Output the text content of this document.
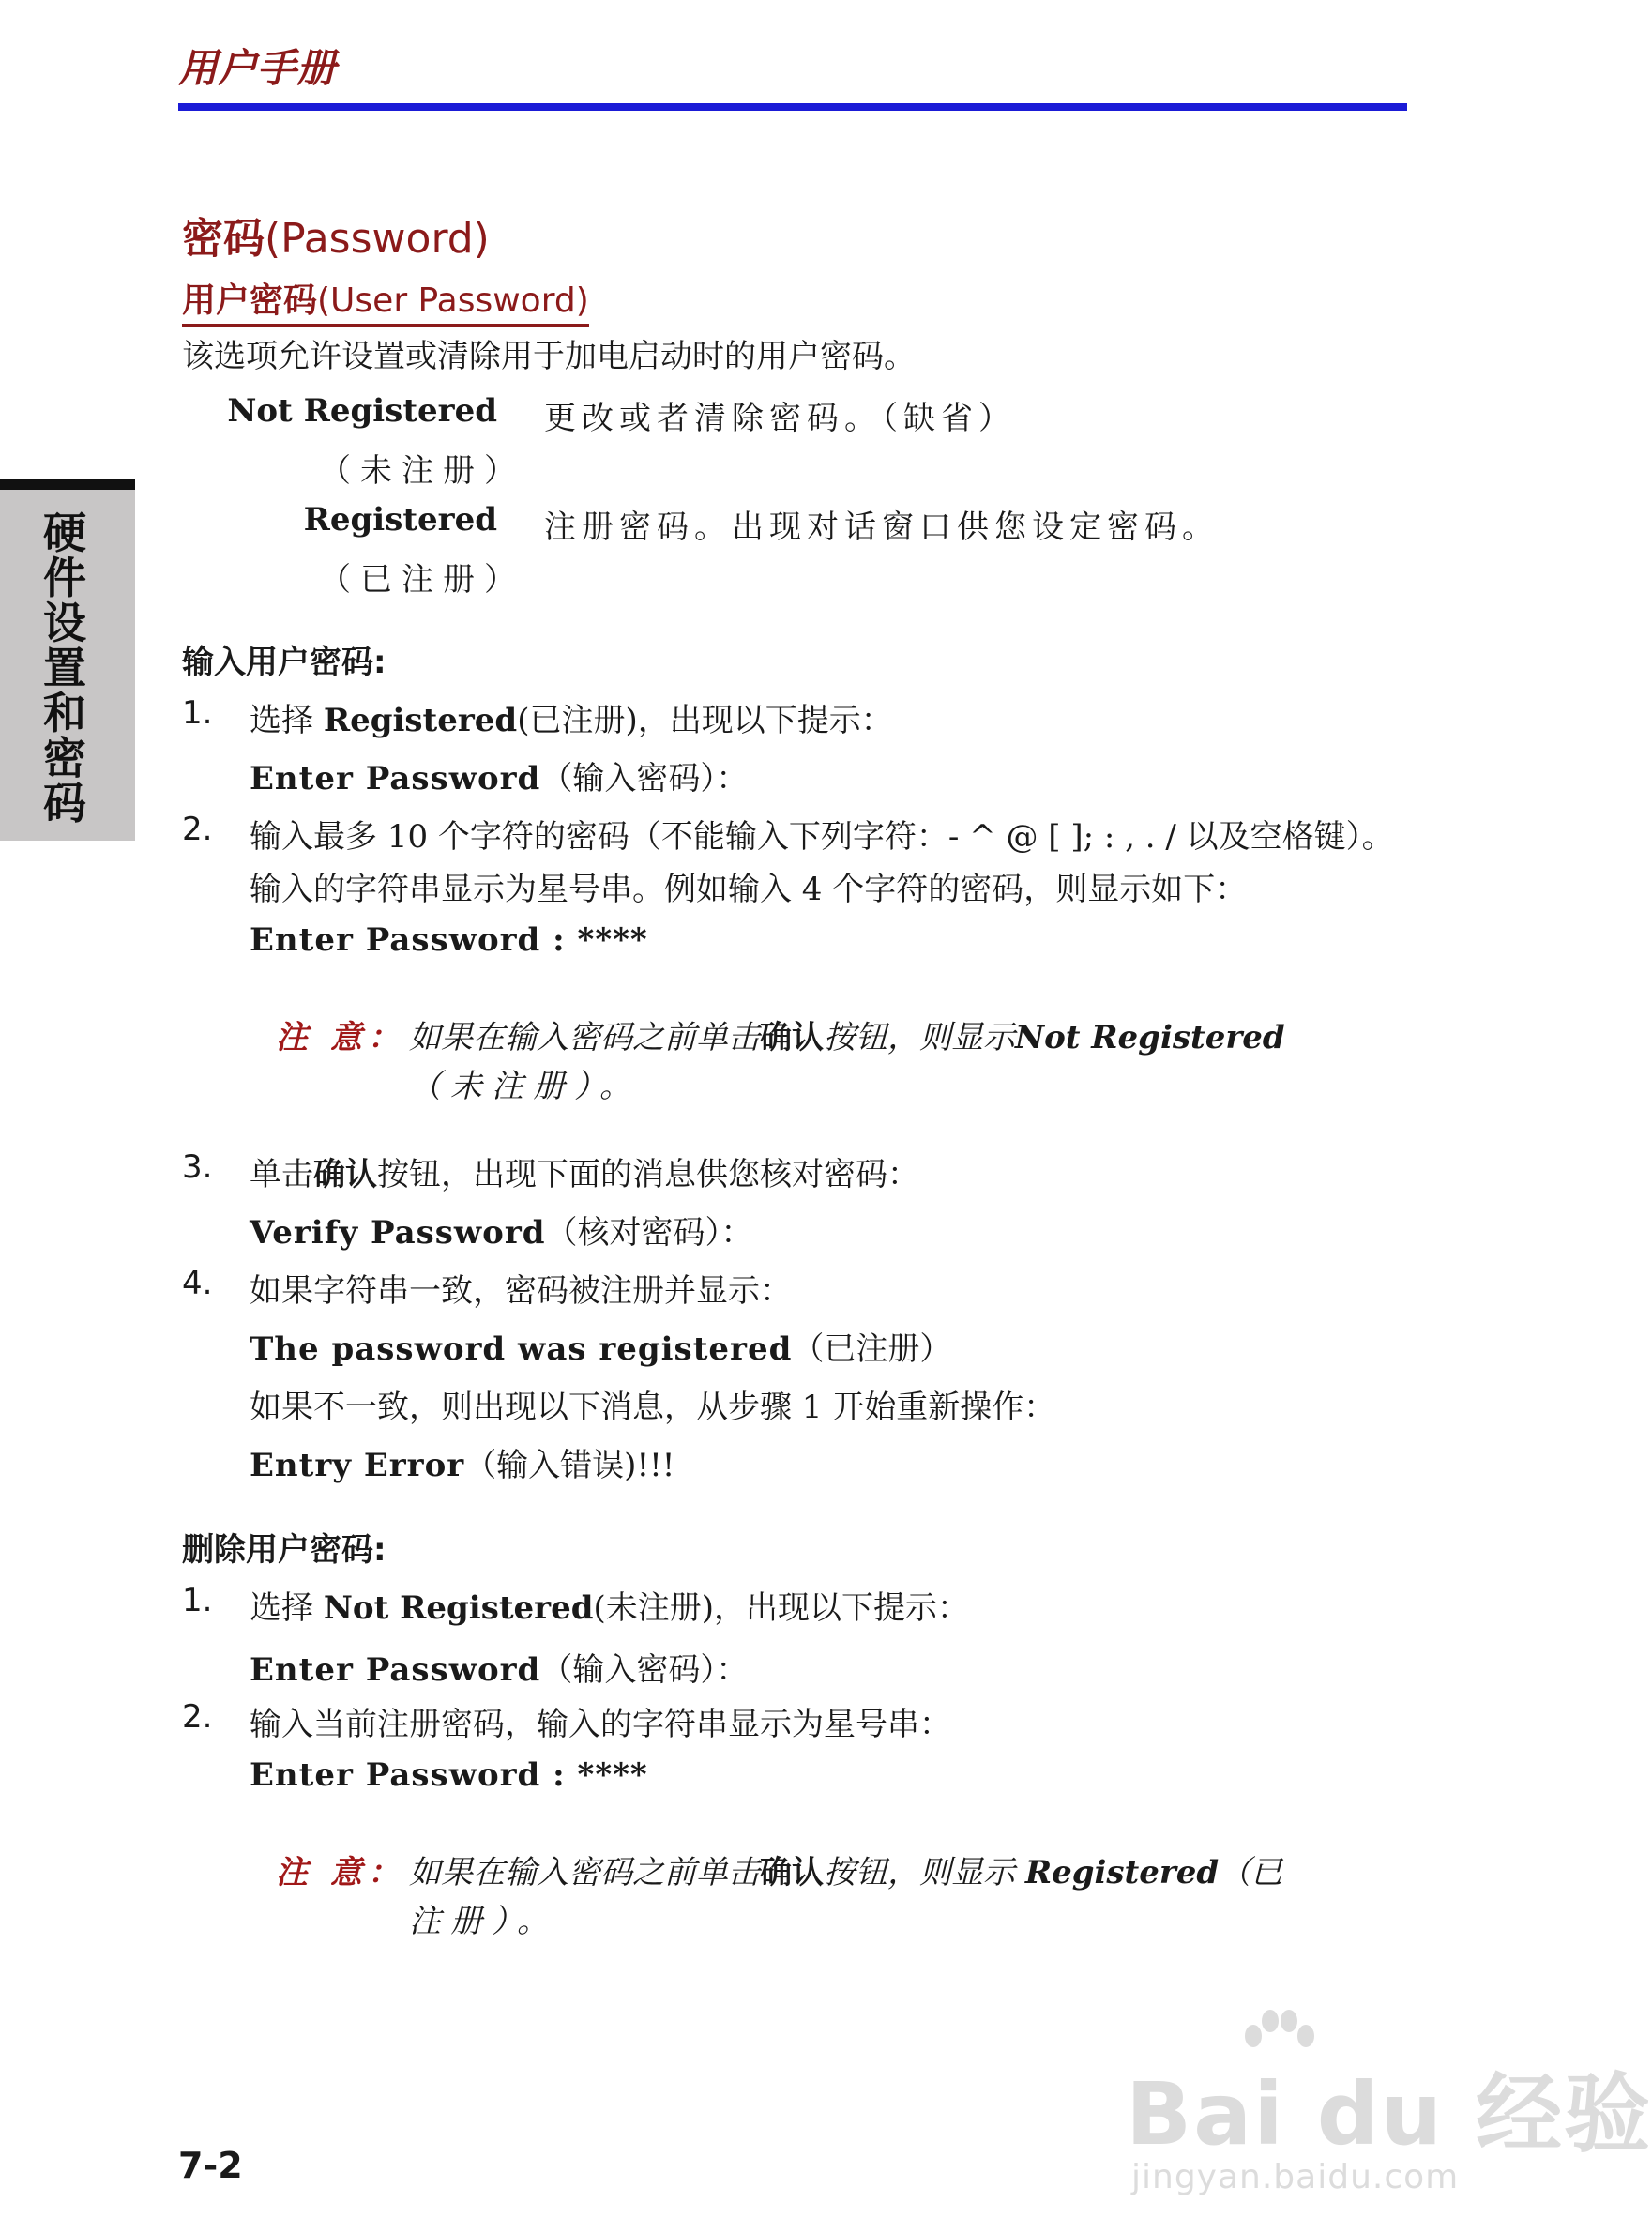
用户手册
硬件设置和密码
密码(Password)
用户密码(User Password)
该选项允许设置或清除用于加电启动时的用户密码。
Not Registered 更改或者清除密码。（缺省）
（未注册）
Registered 注册密码。出现对话窗口供您设定密码。
（已注册）
输入用户密码:
1. 选择 Registered(已注册)，出现以下提示：
Enter Password（输入密码）：
2. 输入最多 10 个字符的密码（不能输入下列字符：- ^ @ [ ]; : , . / 以及空格键）。
输入的字符串显示为星号串。例如输入 4 个字符的密码，则显示如下：
Enter Password : ****
注 意： 如果在输入密码之前单击确认按钮，则显示Not Registered
（未注册）。
3. 单击确认按钮，出现下面的消息供您核对密码：
Verify Password（核对密码）：
4. 如果字符串一致，密码被注册并显示：
The password was registered（已注册）
如果不一致，则出现以下消息，从步骤 1 开始重新操作：
Entry Error（输入错误)!!!
删除用户密码:
1. 选择 Not Registered(未注册)，出现以下提示：
Enter Password（输入密码）：
2. 输入当前注册密码，输入的字符串显示为星号串：
Enter Password : ****
注 意： 如果在输入密码之前单击确认按钮，则显示 Registered（已
注册）。
7-2
Bai du 经验
jingyan.baidu.com
